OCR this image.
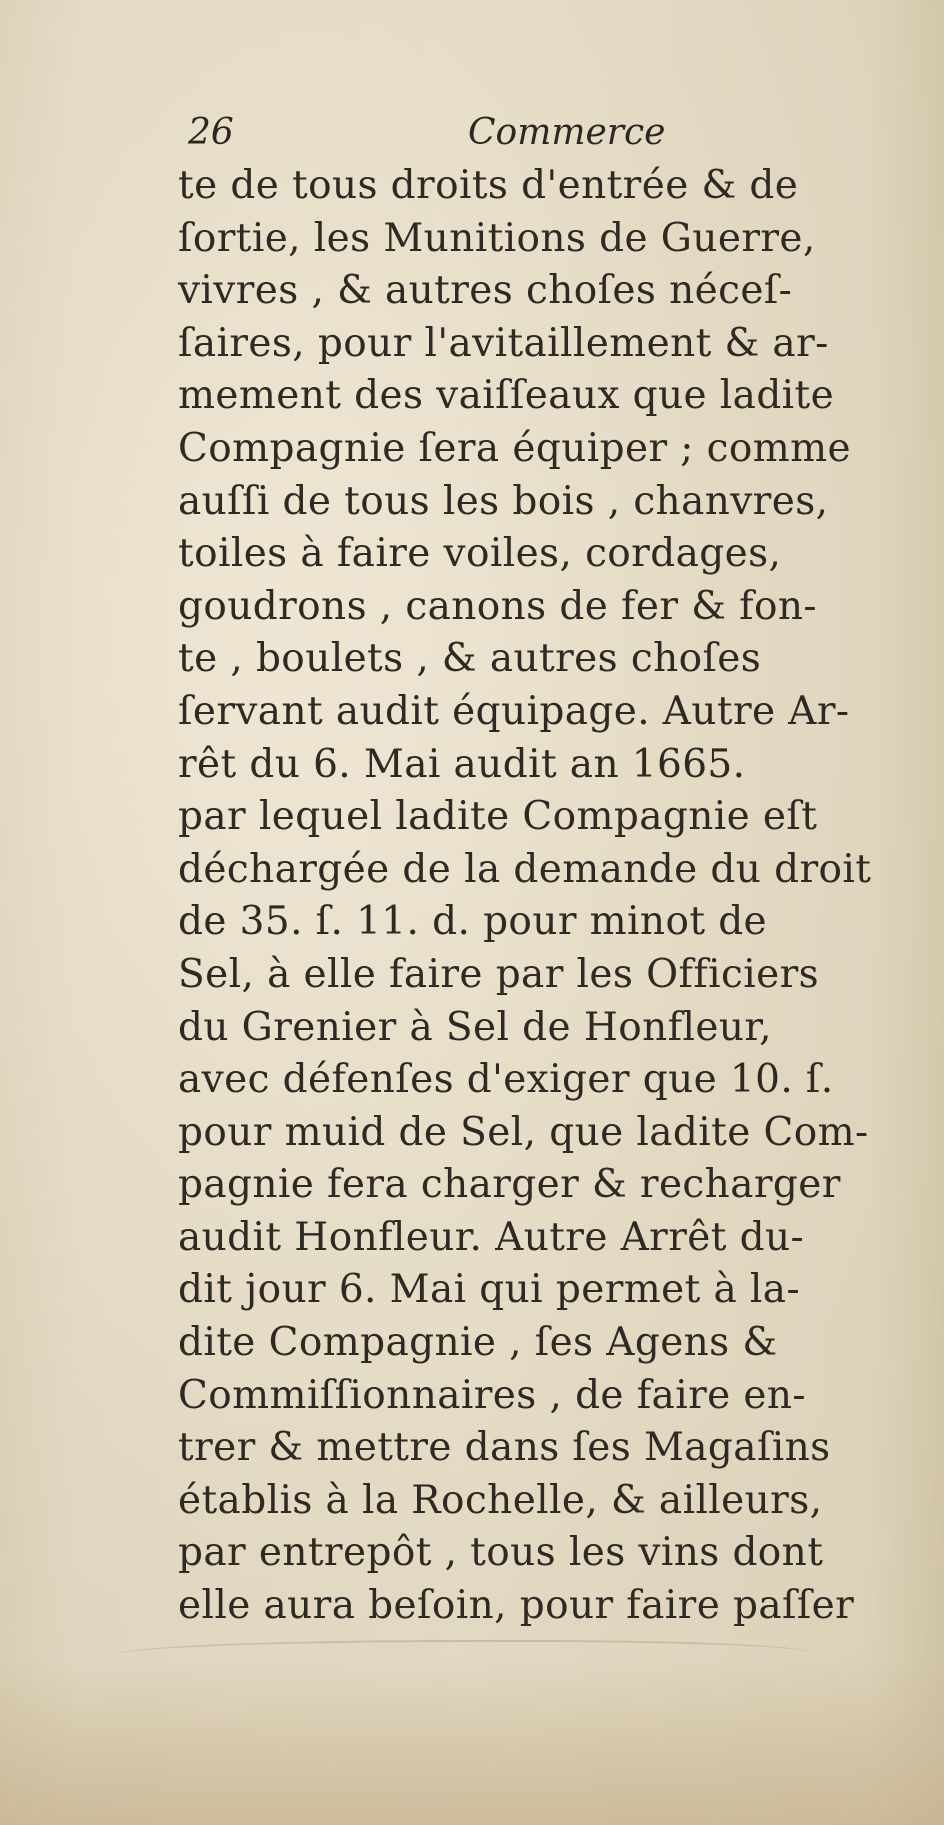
26	Commerce
te de tous droits d'entrée & de
ſortie, les Munitions de Guerre,
vivres , & autres choſes néceſ-
ſaires, pour l'avitaillement & ar-
mement des vaiſſeaux que ladite
Compagnie ſera équiper ; comme
auſſi de tous les bois , chanvres,
toiles à faire voiles, cordages,
goudrons , canons de fer & fon-
te , boulets , & autres choſes
ſervant audit équipage. Autre Ar-
rêt du 6. Mai audit an 1665.
par lequel ladite Compagnie eſt
déchargée de la demande du droit
de 35. ſ. 11. d. pour minot de
Sel, à elle faire par les Officiers
du Grenier à Sel de Honfleur,
avec défenſes d'exiger que 10. ſ.
pour muid de Sel, que ladite Com-
pagnie fera charger & recharger
audit Honfleur. Autre Arrêt du-
dit jour 6. Mai qui permet à la-
dite Compagnie , ſes Agens &
Commiſſionnaires , de faire en-
trer & mettre dans ſes Magaſins
établis à la Rochelle, & ailleurs,
par entrepôt , tous les vins dont
elle aura beſoin, pour faire paſſer
